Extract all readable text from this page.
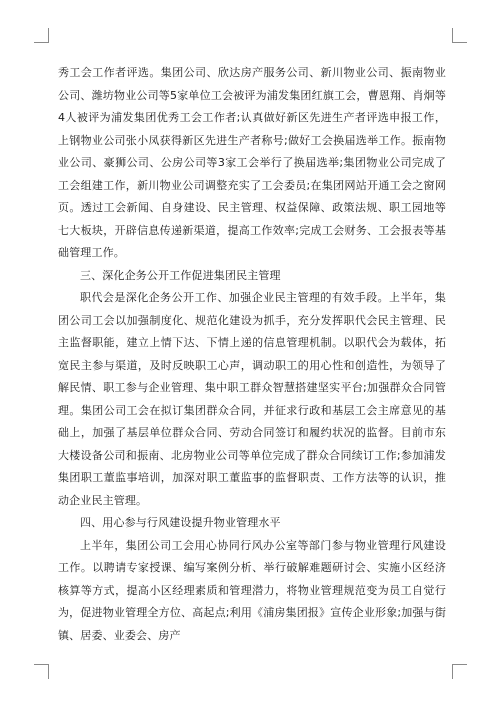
秀工会工作者评选。集团公司、欣达房产服务公司、新川物业公司、振南物业公司、潍坊物业公司等5家单位工会被评为浦发集团红旗工会，曹恩翔、肖炯等4人被评为浦发集团优秀工会工作者;认真做好新区先进生产者评选申报工作，上钢物业公司张小凤获得新区先进生产者称号;做好工会换届选举工作。振南物业公司、豪狮公司、公房公司等3家工会举行了换届选举;集团物业公司完成了工会组建工作，新川物业公司调整充实了工会委员;在集团网站开通工会之窗网页。透过工会新闻、自身建设、民主管理、权益保障、政策法规、职工园地等七大板块，开辟信息传递新渠道，提高工作效率;完成工会财务、工会报表等基础管理工作。

三、深化企务公开工作促进集团民主管理

职代会是深化企务公开工作、加强企业民主管理的有效手段。上半年，集团公司工会以加强制度化、规范化建设为抓手，充分发挥职代会民主管理、民主监督职能，建立上情下达、下情上递的信息管理机制。以职代会为载体，拓宽民主参与渠道，及时反映职工心声，调动职工的用心性和创造性，为领导了解民情、职工参与企业管理、集中职工群众智慧搭建坚实平台;加强群众合同管理。集团公司工会在拟订集团群众合同，并征求行政和基层工会主席意见的基础上，加强了基层单位群众合同、劳动合同签订和履约状况的监督。目前市东大楼设备公司和振南、北房物业公司等单位完成了群众合同续订工作;参加浦发集团职工董监事培训，加深对职工董监事的监督职责、工作方法等的认识，推动企业民主管理。

四、用心参与行风建设提升物业管理水平

上半年，集团公司工会用心协同行风办公室等部门参与物业管理行风建设工作。以聘请专家授课、编写案例分析、举行破解难题研讨会、实施小区经济核算等方式，提高小区经理素质和管理潜力，将物业管理规范变为员工自觉行为，促进物业管理全方位、高起点;利用《浦房集团报》宣传企业形象;加强与街镇、居委、业委会、房产
